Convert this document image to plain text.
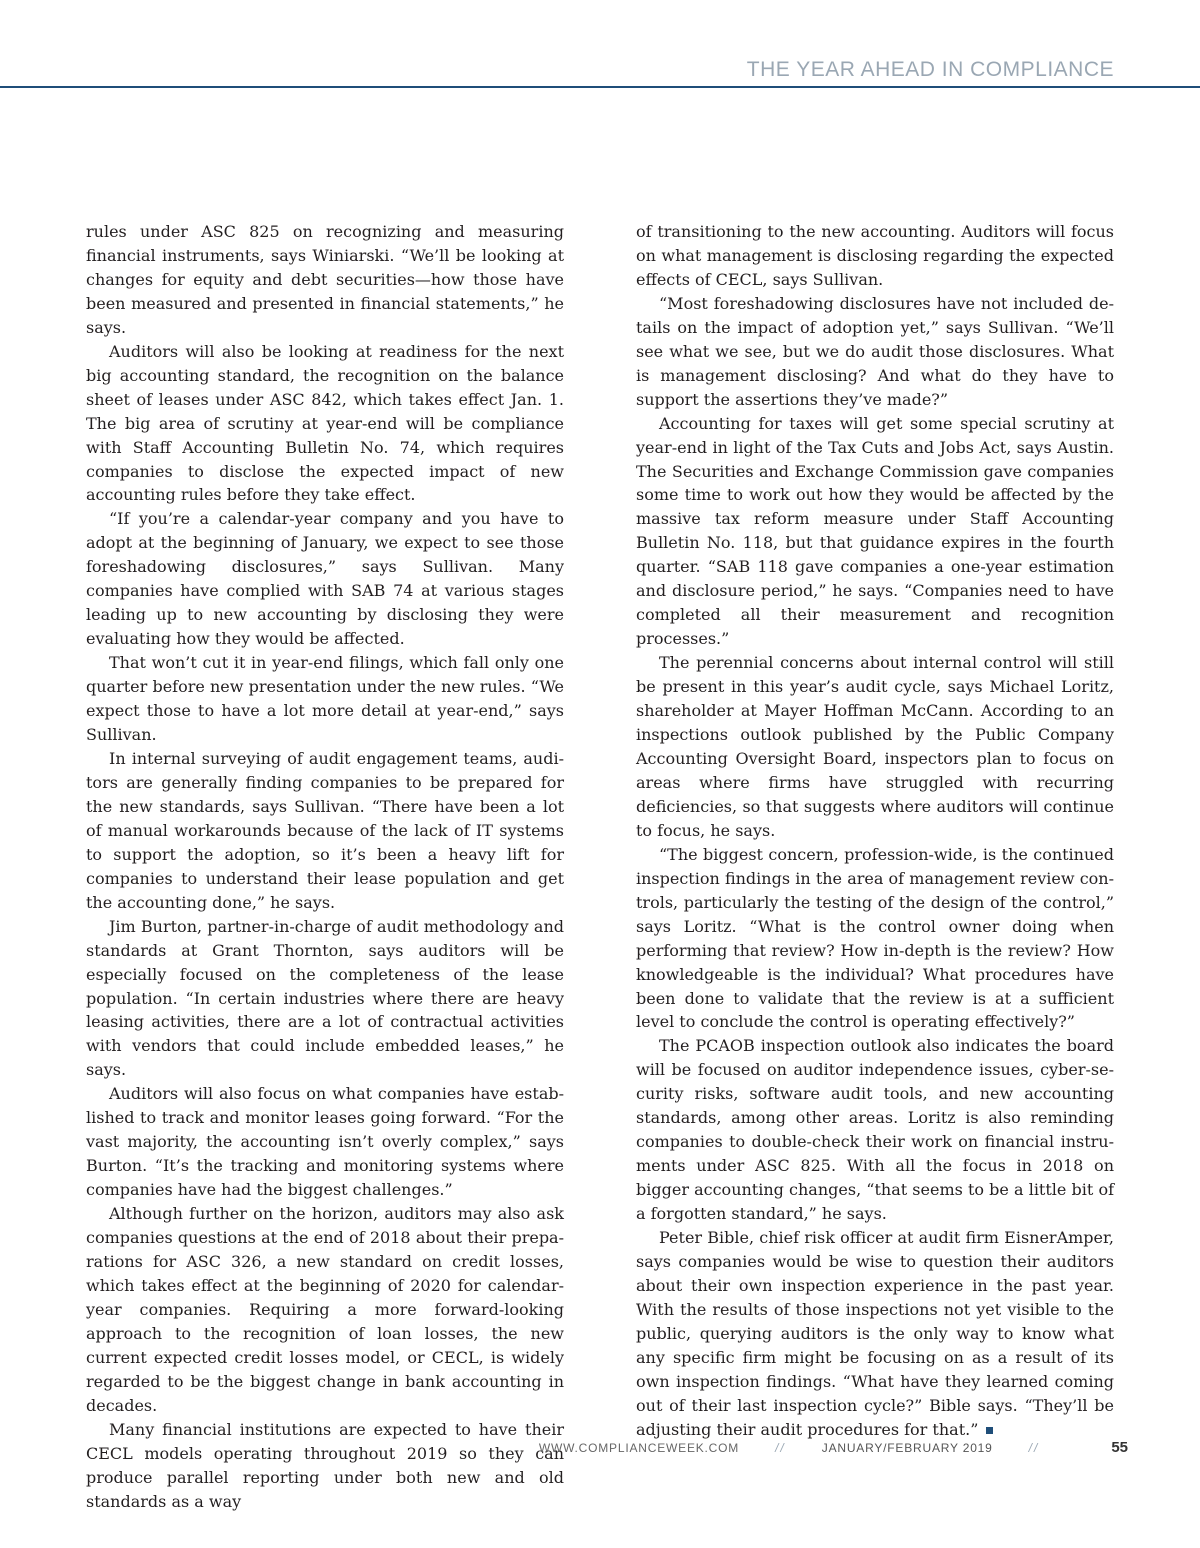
THE YEAR AHEAD IN COMPLIANCE

rules under ASC 825 on recognizing and measuring financial instruments, says Winiarski. “We’ll be looking at changes for equity and debt securities—how those have been measured and presented in financial statements,” he says.

Auditors will also be looking at readiness for the next big accounting standard, the recognition on the balance sheet of leases under ASC 842, which takes effect Jan. 1. The big area of scrutiny at year-end will be compliance with Staff Accounting Bulletin No. 74, which requires companies to disclose the expected impact of new accounting rules before they take effect.

“If you’re a calendar-year company and you have to adopt at the beginning of January, we expect to see those foreshadowing disclosures,” says Sullivan. Many companies have complied with SAB 74 at various stages leading up to new accounting by disclosing they were evaluating how they would be affected.

That won’t cut it in year-end filings, which fall only one quarter before new presentation under the new rules. “We expect those to have a lot more detail at year-end,” says Sullivan.

In internal surveying of audit engagement teams, auditors are generally finding companies to be prepared for the new standards, says Sullivan. “There have been a lot of manual workarounds because of the lack of IT systems to support the adoption, so it’s been a heavy lift for companies to understand their lease population and get the accounting done,” he says.

Jim Burton, partner-in-charge of audit methodology and standards at Grant Thornton, says auditors will be especially focused on the completeness of the lease population. “In certain industries where there are heavy leasing activities, there are a lot of contractual activities with vendors that could include embedded leases,” he says.

Auditors will also focus on what companies have established to track and monitor leases going forward. “For the vast majority, the accounting isn’t overly complex,” says Burton. “It’s the tracking and monitoring systems where companies have had the biggest challenges.”

Although further on the horizon, auditors may also ask companies questions at the end of 2018 about their preparations for ASC 326, a new standard on credit losses, which takes effect at the beginning of 2020 for calendar-year companies. Requiring a more forward-looking approach to the recognition of loan losses, the new current expected credit losses model, or CECL, is widely regarded to be the biggest change in bank accounting in decades.

Many financial institutions are expected to have their CECL models operating throughout 2019 so they can produce parallel reporting under both new and old standards as a way

of transitioning to the new accounting. Auditors will focus on what management is disclosing regarding the expected effects of CECL, says Sullivan.

“Most foreshadowing disclosures have not included details on the impact of adoption yet,” says Sullivan. “We’ll see what we see, but we do audit those disclosures. What is management disclosing? And what do they have to support the assertions they’ve made?”

Accounting for taxes will get some special scrutiny at year-end in light of the Tax Cuts and Jobs Act, says Austin. The Securities and Exchange Commission gave companies some time to work out how they would be affected by the massive tax reform measure under Staff Accounting Bulletin No. 118, but that guidance expires in the fourth quarter. “SAB 118 gave companies a one-year estimation and disclosure period,” he says. “Companies need to have completed all their measurement and recognition processes.”

The perennial concerns about internal control will still be present in this year’s audit cycle, says Michael Loritz, shareholder at Mayer Hoffman McCann. According to an inspections outlook published by the Public Company Accounting Oversight Board, inspectors plan to focus on areas where firms have struggled with recurring deficiencies, so that suggests where auditors will continue to focus, he says.

“The biggest concern, profession-wide, is the continued inspection findings in the area of management review controls, particularly the testing of the design of the control,” says Loritz. “What is the control owner doing when performing that review? How in-depth is the review? How knowledgeable is the individual? What procedures have been done to validate that the review is at a sufficient level to conclude the control is operating effectively?”

The PCAOB inspection outlook also indicates the board will be focused on auditor independence issues, cyber-security risks, software audit tools, and new accounting standards, among other areas. Loritz is also reminding companies to double-check their work on financial instruments under ASC 825. With all the focus in 2018 on bigger accounting changes, “that seems to be a little bit of a forgotten standard,” he says.

Peter Bible, chief risk officer at audit firm EisnerAmper, says companies would be wise to question their auditors about their own inspection experience in the past year. With the results of those inspections not yet visible to the public, querying auditors is the only way to know what any specific firm might be focusing on as a result of its own inspection findings. “What have they learned coming out of their last inspection cycle?” Bible says. “They’ll be adjusting their audit procedures for that.”

WWW.COMPLIANCEWEEK.COM	//	JANUARY/FEBRUARY 2019	//	55
